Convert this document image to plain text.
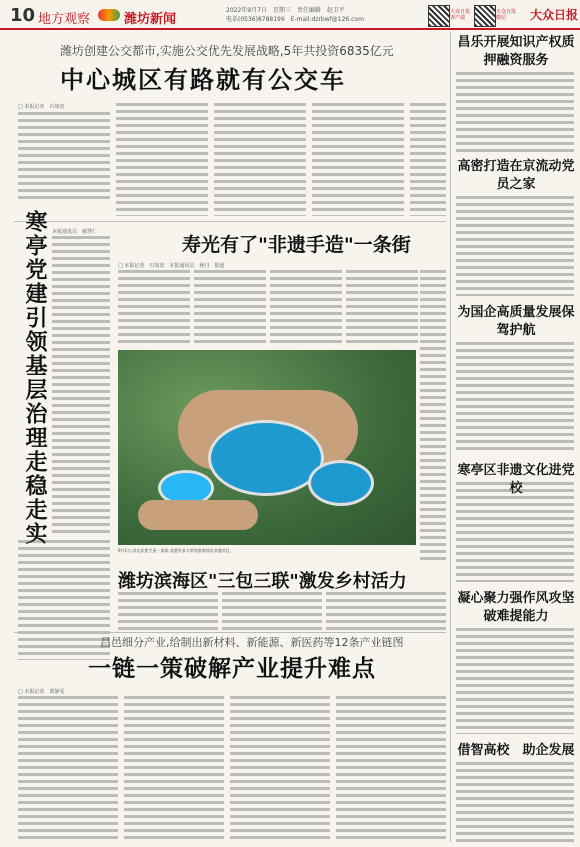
10 地方观察	潍坊新闻
2022年9月7日　星期三　责任编辑　赵卫平
电话(0536)8788199　E-mail:dzrbwf@126.com
大众日报客户端
大众日报微信	大众日报
潍坊创建公交都市,实施公交优先发展战略,5年共投资6835亿元
中心城区有路就有公交车
□ 本报记者　石如宽
寒亭党建引领基层治理走稳走实 本报通讯员　郝慧仁
寿光有了"非遗手造"一条街
□ 本报记者　石如宽　本报通讯员　杨丹　报道
9月2日,寿光非遗手造一条街,非遗传承人带领游客体验非遗项目。
潍坊滨海区"三包三联"激发乡村活力
昌邑细分产业,给制出新材料、新能源、新医药等12条产业链图
一链一策破解产业提升难点
□ 本报记者　郭静雯
昌乐开展知识产权质押融资服务
高密打造在京流动党员之家
为国企高质量发展保驾护航
寒亭区非遗文化进党校
凝心聚力强作风攻坚破难提能力
借智高校　助企发展
